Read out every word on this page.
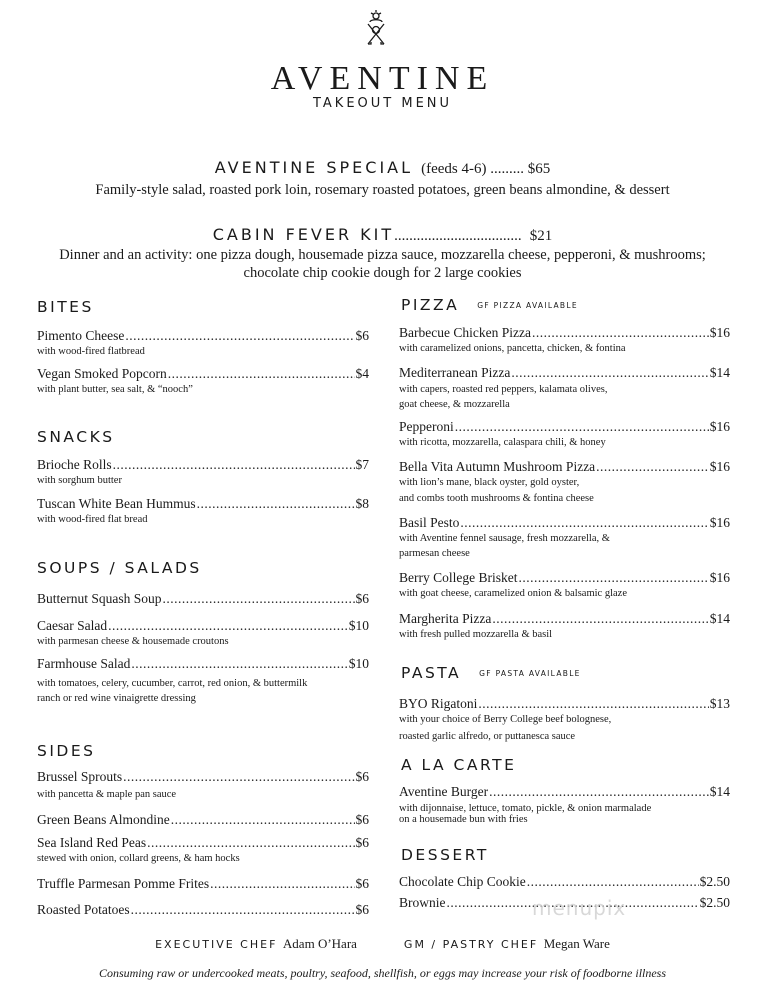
AVENTINE
TAKEOUT MENU
AVENTINE SPECIAL (feeds 4-6) ......... $65
Family-style salad, roasted pork loin, rosemary roasted potatoes, green beans almondine, & dessert
CABIN FEVER KIT.................................. $21
Dinner and an activity: one pizza dough, housemade pizza sauce, mozzarella cheese, pepperoni, & mushrooms;
chocolate chip cookie dough for 2 large cookies
BITES
Pimento Cheese .....	$6
with wood-fired flatbread
Vegan Smoked Popcorn .....	$4
with plant butter, sea salt, & “nooch”
SNACKS
Brioche Rolls .....	$7
with sorghum butter
Tuscan White Bean Hummus .....	$8
with wood-fired flat bread
SOUPS / SALADS
Butternut Squash Soup .....	$6
Caesar Salad .....	$10
with parmesan cheese & housemade croutons
Farmhouse Salad .....	$10
with tomatoes, celery, cucumber, carrot, red onion, & buttermilk
ranch or red wine vinaigrette dressing
SIDES
Brussel Sprouts .....	$6
with pancetta & maple pan sauce
Green Beans Almondine .....	$6
Sea Island Red Peas .....	$6
stewed with onion, collard greens, & ham hocks
Truffle Parmesan Pomme Frites .....	$6
Roasted Potatoes .....	$6
PIZZA GF PIZZA AVAILABLE
Barbecue Chicken Pizza .....	$16
with caramelized onions, pancetta, chicken, & fontina
Mediterranean Pizza .....	$14
with capers, roasted red peppers, kalamata olives,
goat cheese, & mozzarella
Pepperoni .....	$16
with ricotta, mozzarella, calaspara chili, & honey
Bella Vita Autumn Mushroom Pizza .....	$16
with lion’s mane, black oyster, gold oyster,
and combs tooth mushrooms & fontina cheese
Basil Pesto .....	$16
with Aventine fennel sausage, fresh mozzarella, &
parmesan cheese
Berry College Brisket .....	$16
with goat cheese, caramelized onion & balsamic glaze
Margherita Pizza .....	$14
with fresh pulled mozzarella & basil
PASTA GF PASTA AVAILABLE
BYO Rigatoni .....	$13
with your choice of Berry College beef bolognese,
roasted garlic alfredo, or puttanesca sauce
A LA CARTE
Aventine Burger .....	$14
with dijonnaise, lettuce, tomato, pickle, & onion marmalade
on a housemade bun with fries
DESSERT
Chocolate Chip Cookie .....	$2.50
Brownie .....	$2.50
menupix
EXECUTIVE CHEF Adam O’Hara	GM / PASTRY CHEF Megan Ware
Consuming raw or undercooked meats, poultry, seafood, shellfish, or eggs may increase your risk of foodborne illness
